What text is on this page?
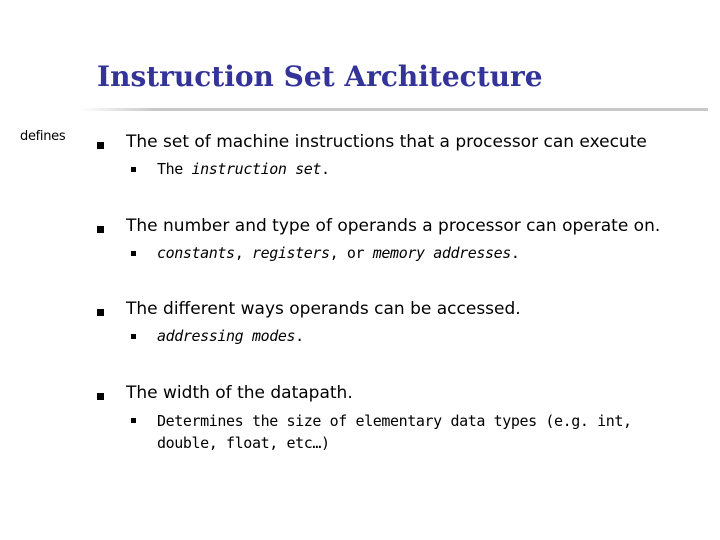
Instruction Set Architecture
defines	The set of machine instructions that a processor can execute
The instruction set.
The number and type of operands a processor can operate on.
constants, registers, or memory addresses.
The different ways operands can be accessed.
addressing modes.
The width of the datapath.
Determines the size of elementary data types (e.g. int, double, float, etc…)
